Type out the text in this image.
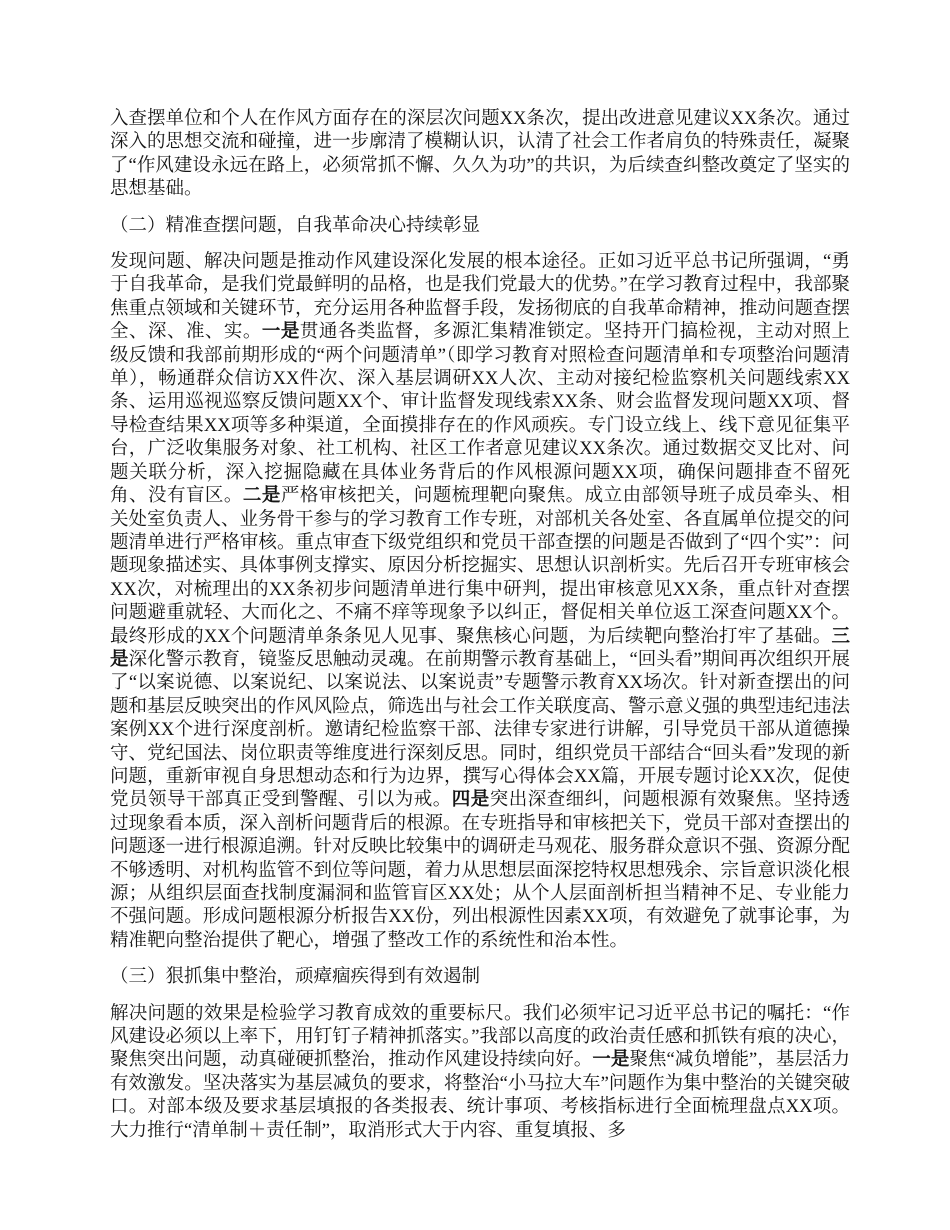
入查摆单位和个人在作风方面存在的深层次问题XX条次，提出改进意见建议XX条次。通过深入的思想交流和碰撞，进一步廓清了模糊认识，认清了社会工作者肩负的特殊责任，凝聚了“作风建设永远在路上，必须常抓不懈、久久为功”的共识，为后续查纠整改奠定了坚实的思想基础。

（二）精准查摆问题，自我革命决心持续彰显

发现问题、解决问题是推动作风建设深化发展的根本途径。正如习近平总书记所强调，“勇于自我革命，是我们党最鲜明的品格，也是我们党最大的优势。”在学习教育过程中，我部聚焦重点领域和关键环节，充分运用各种监督手段，发扬彻底的自我革命精神，推动问题查摆全、深、准、实。一是贯通各类监督，多源汇集精准锁定。坚持开门搞检视，主动对照上级反馈和我部前期形成的“两个问题清单”（即学习教育对照检查问题清单和专项整治问题清单），畅通群众信访XX件次、深入基层调研XX人次、主动对接纪检监察机关问题线索XX条、运用巡视巡察反馈问题XX个、审计监督发现线索XX条、财会监督发现问题XX项、督导检查结果XX项等多种渠道，全面摸排存在的作风顽疾。专门设立线上、线下意见征集平台，广泛收集服务对象、社工机构、社区工作者意见建议XX条次。通过数据交叉比对、问题关联分析，深入挖掘隐藏在具体业务背后的作风根源问题XX项，确保问题排查不留死角、没有盲区。二是严格审核把关，问题梳理靶向聚焦。成立由部领导班子成员牵头、相关处室负责人、业务骨干参与的学习教育工作专班，对部机关各处室、各直属单位提交的问题清单进行严格审核。重点审查下级党组织和党员干部查摆的问题是否做到了“四个实”：问题现象描述实、具体事例支撑实、原因分析挖掘实、思想认识剖析实。先后召开专班审核会XX次，对梳理出的XX条初步问题清单进行集中研判，提出审核意见XX条，重点针对查摆问题避重就轻、大而化之、不痛不痒等现象予以纠正，督促相关单位返工深查问题XX个。最终形成的XX个问题清单条条见人见事、聚焦核心问题，为后续靶向整治打牢了基础。三是深化警示教育，镜鉴反思触动灵魂。在前期警示教育基础上，“回头看”期间再次组织开展了“以案说德、以案说纪、以案说法、以案说责”专题警示教育XX场次。针对新查摆出的问题和基层反映突出的作风风险点，筛选出与社会工作关联度高、警示意义强的典型违纪违法案例XX个进行深度剖析。邀请纪检监察干部、法律专家进行讲解，引导党员干部从道德操守、党纪国法、岗位职责等维度进行深刻反思。同时，组织党员干部结合“回头看”发现的新问题，重新审视自身思想动态和行为边界，撰写心得体会XX篇，开展专题讨论XX次，促使党员领导干部真正受到警醒、引以为戒。四是突出深查细纠，问题根源有效聚焦。坚持透过现象看本质，深入剖析问题背后的根源。在专班指导和审核把关下，党员干部对查摆出的问题逐一进行根源追溯。针对反映比较集中的调研走马观花、服务群众意识不强、资源分配不够透明、对机构监管不到位等问题，着力从思想层面深挖特权思想残余、宗旨意识淡化根源；从组织层面查找制度漏洞和监管盲区XX处；从个人层面剖析担当精神不足、专业能力不强问题。形成问题根源分析报告XX份，列出根源性因素XX项，有效避免了就事论事，为精准靶向整治提供了靶心，增强了整改工作的系统性和治本性。

（三）狠抓集中整治，顽瘴痼疾得到有效遏制

解决问题的效果是检验学习教育成效的重要标尺。我们必须牢记习近平总书记的嘱托：“作风建设必须以上率下，用钉钉子精神抓落实。”我部以高度的政治责任感和抓铁有痕的决心，聚焦突出问题，动真碰硬抓整治，推动作风建设持续向好。一是聚焦“减负增能”，基层活力有效激发。坚决落实为基层减负的要求，将整治“小马拉大车”问题作为集中整治的关键突破口。对部本级及要求基层填报的各类报表、统计事项、考核指标进行全面梳理盘点XX项。大力推行“清单制＋责任制”，取消形式大于内容、重复填报、多
